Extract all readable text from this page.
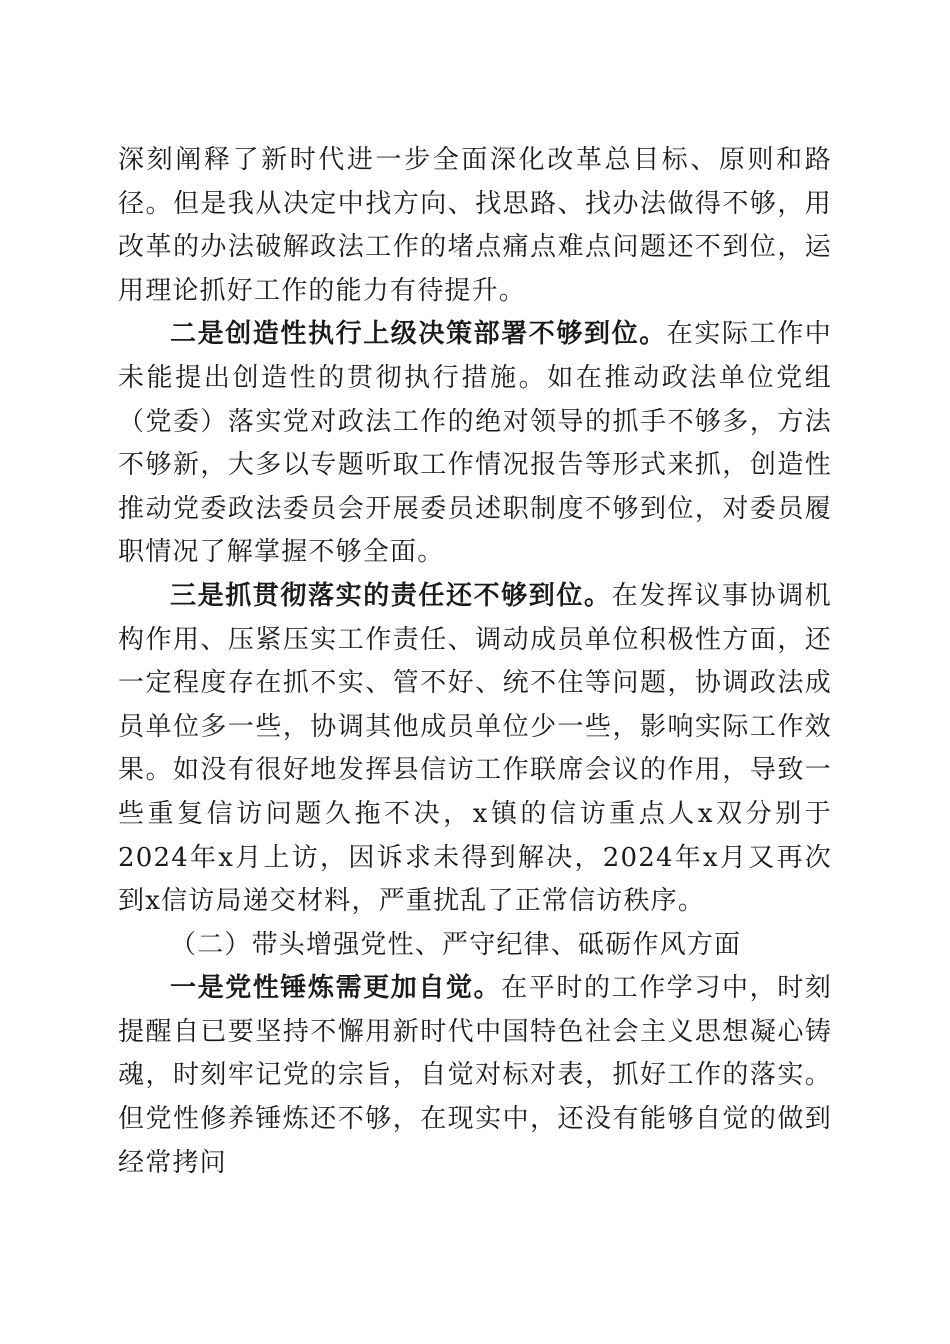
深刻阐释了新时代进一步全面深化改革总目标、原则和路径。但是我从决定中找方向、找思路、找办法做得不够，用改革的办法破解政法工作的堵点痛点难点问题还不到位，运用理论抓好工作的能力有待提升。

二是创造性执行上级决策部署不够到位。在实际工作中未能提出创造性的贯彻执行措施。如在推动政法单位党组（党委）落实党对政法工作的绝对领导的抓手不够多，方法不够新，大多以专题听取工作情况报告等形式来抓，创造性推动党委政法委员会开展委员述职制度不够到位，对委员履职情况了解掌握不够全面。

三是抓贯彻落实的责任还不够到位。在发挥议事协调机构作用、压紧压实工作责任、调动成员单位积极性方面，还一定程度存在抓不实、管不好、统不住等问题，协调政法成员单位多一些，协调其他成员单位少一些，影响实际工作效果。如没有很好地发挥县信访工作联席会议的作用，导致一些重复信访问题久拖不决，x镇的信访重点人x双分别于2024年x月上访，因诉求未得到解决，2024年x月又再次到x信访局递交材料，严重扰乱了正常信访秩序。

（二）带头增强党性、严守纪律、砥砺作风方面

一是党性锤炼需更加自觉。在平时的工作学习中，时刻提醒自已要坚持不懈用新时代中国特色社会主义思想凝心铸魂，时刻牢记党的宗旨，自觉对标对表，抓好工作的落实。但党性修养锤炼还不够，在现实中，还没有能够自觉的做到经常拷问
